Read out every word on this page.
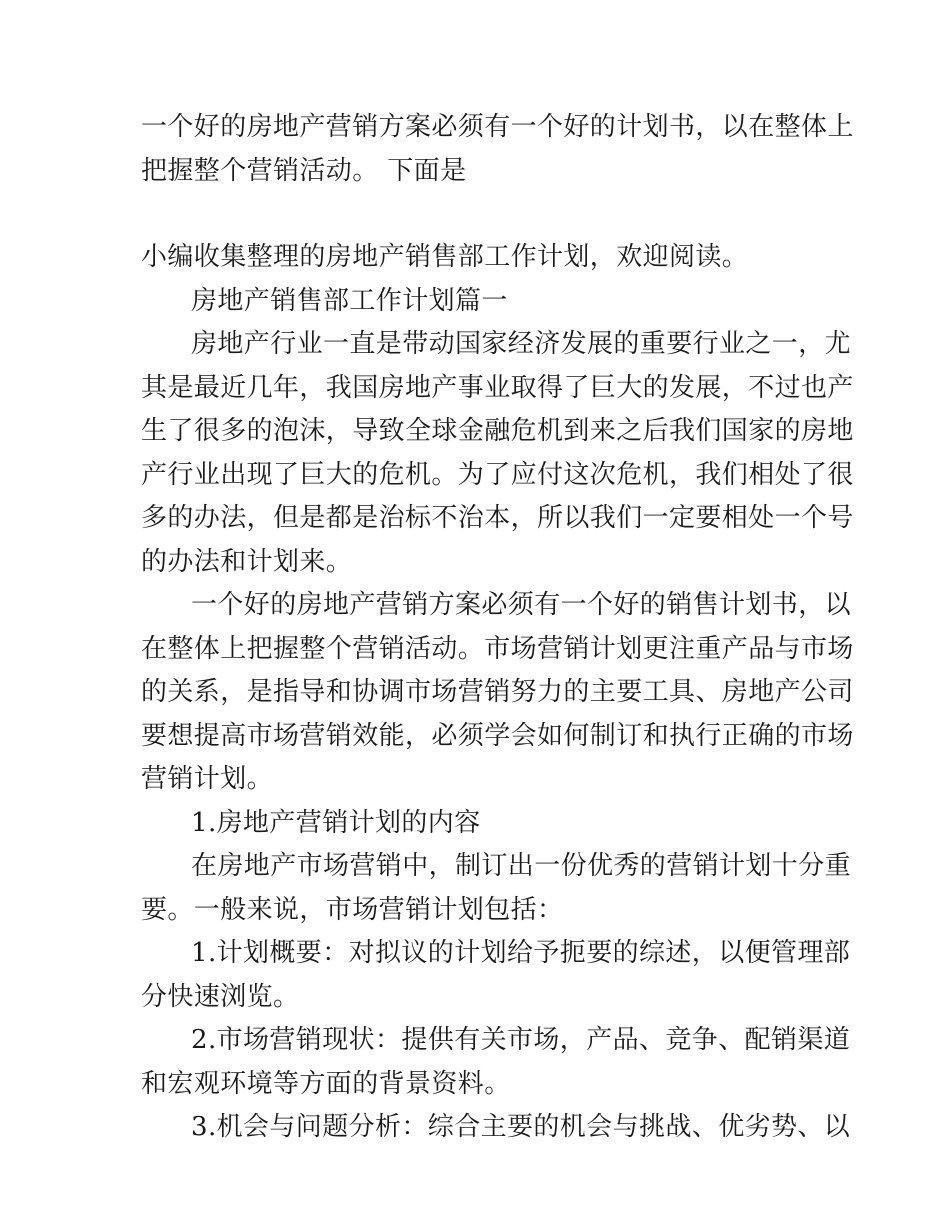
一个好的房地产营销方案必须有一个好的计划书，以在整体上
把握整个营销活动。 下面是
小编收集整理的房地产销售部工作计划，欢迎阅读。
房地产销售部工作计划篇一
房地产行业一直是带动国家经济发展的重要行业之一，尤
其是最近几年，我国房地产事业取得了巨大的发展，不过也产
生了很多的泡沫，导致全球金融危机到来之后我们国家的房地
产行业出现了巨大的危机。为了应付这次危机，我们相处了很
多的办法，但是都是治标不治本，所以我们一定要相处一个号
的办法和计划来。
一个好的房地产营销方案必须有一个好的销售计划书，以
在整体上把握整个营销活动。市场营销计划更注重产品与市场
的关系，是指导和协调市场营销努力的主要工具、房地产公司
要想提高市场营销效能，必须学会如何制订和执行正确的市场
营销计划。
1.房地产营销计划的内容
在房地产市场营销中，制订出一份优秀的营销计划十分重
要。一般来说，市场营销计划包括：
1.计划概要：对拟议的计划给予扼要的综述，以便管理部
分快速浏览。
2.市场营销现状：提供有关市场，产品、竞争、配销渠道
和宏观环境等方面的背景资料。
3.机会与问题分析：综合主要的机会与挑战、优劣势、以
